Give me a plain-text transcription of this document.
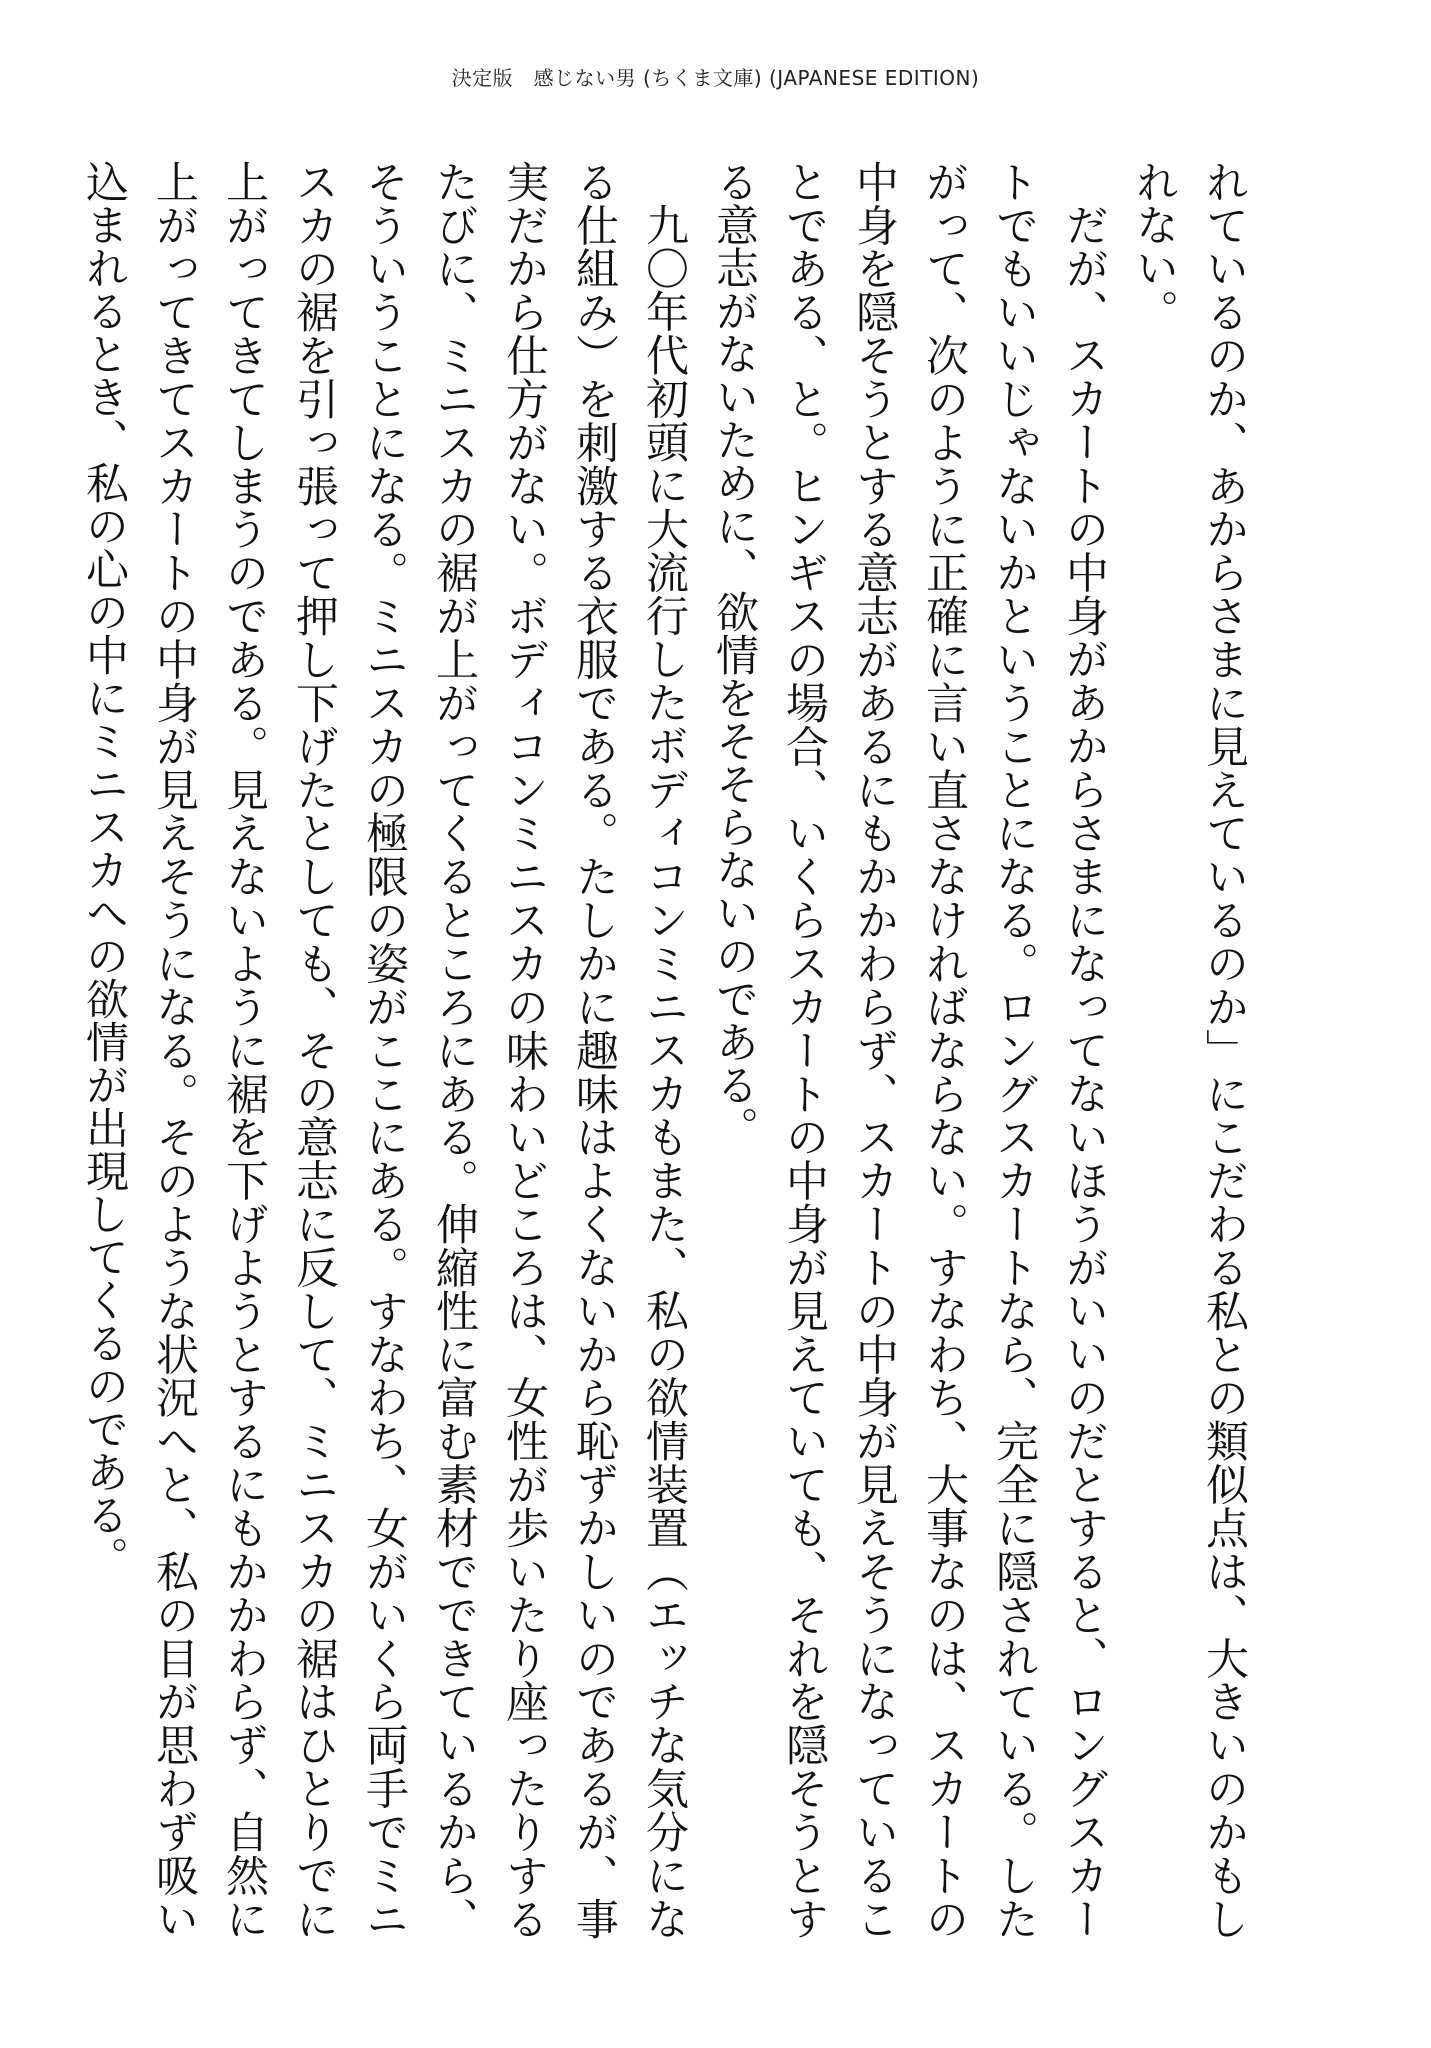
決定版　感じない男 (ちくま文庫) (JAPANESE EDITION)

れているのか、あからさまに見えているのか」にこだわる私との類似点は、大きいのかもしれない。

だが、スカートの中身があからさまになってないほうがいいのだとすると、ロングスカートでもいいじゃないかということになる。ロングスカートなら、完全に隠されている。したがって、次のように正確に言い直さなければならない。すなわち、大事なのは、スカートの中身を隠そうとする意志があるにもかかわらず、スカートの中身が見えそうになっていることである、と。ヒンギスの場合、いくらスカートの中身が見えていても、それを隠そうとする意志がないために、欲情をそそらないのである。

九〇年代初頭に大流行したボディコンミニスカもまた、私の欲情装置（エッチな気分になる仕組み）を刺激する衣服である。たしかに趣味はよくないから恥ずかしいのであるが、事実だから仕方がない。ボディコンミニスカの味わいどころは、女性が歩いたり座ったりするたびに、ミニスカの裾が上がってくるところにある。伸縮性に富む素材でできているから、そういうことになる。ミニスカの極限の姿がここにある。すなわち、女がいくら両手でミニスカの裾を引っ張って押し下げたとしても、その意志に反して、ミニスカの裾はひとりでに上がってきてしまうのである。見えないように裾を下げようとするにもかかわらず、自然に上がってきてスカートの中身が見えそうになる。そのような状況へと、私の目が思わず吸い込まれるとき、私の心の中にミニスカへの欲情が出現してくるのである。
